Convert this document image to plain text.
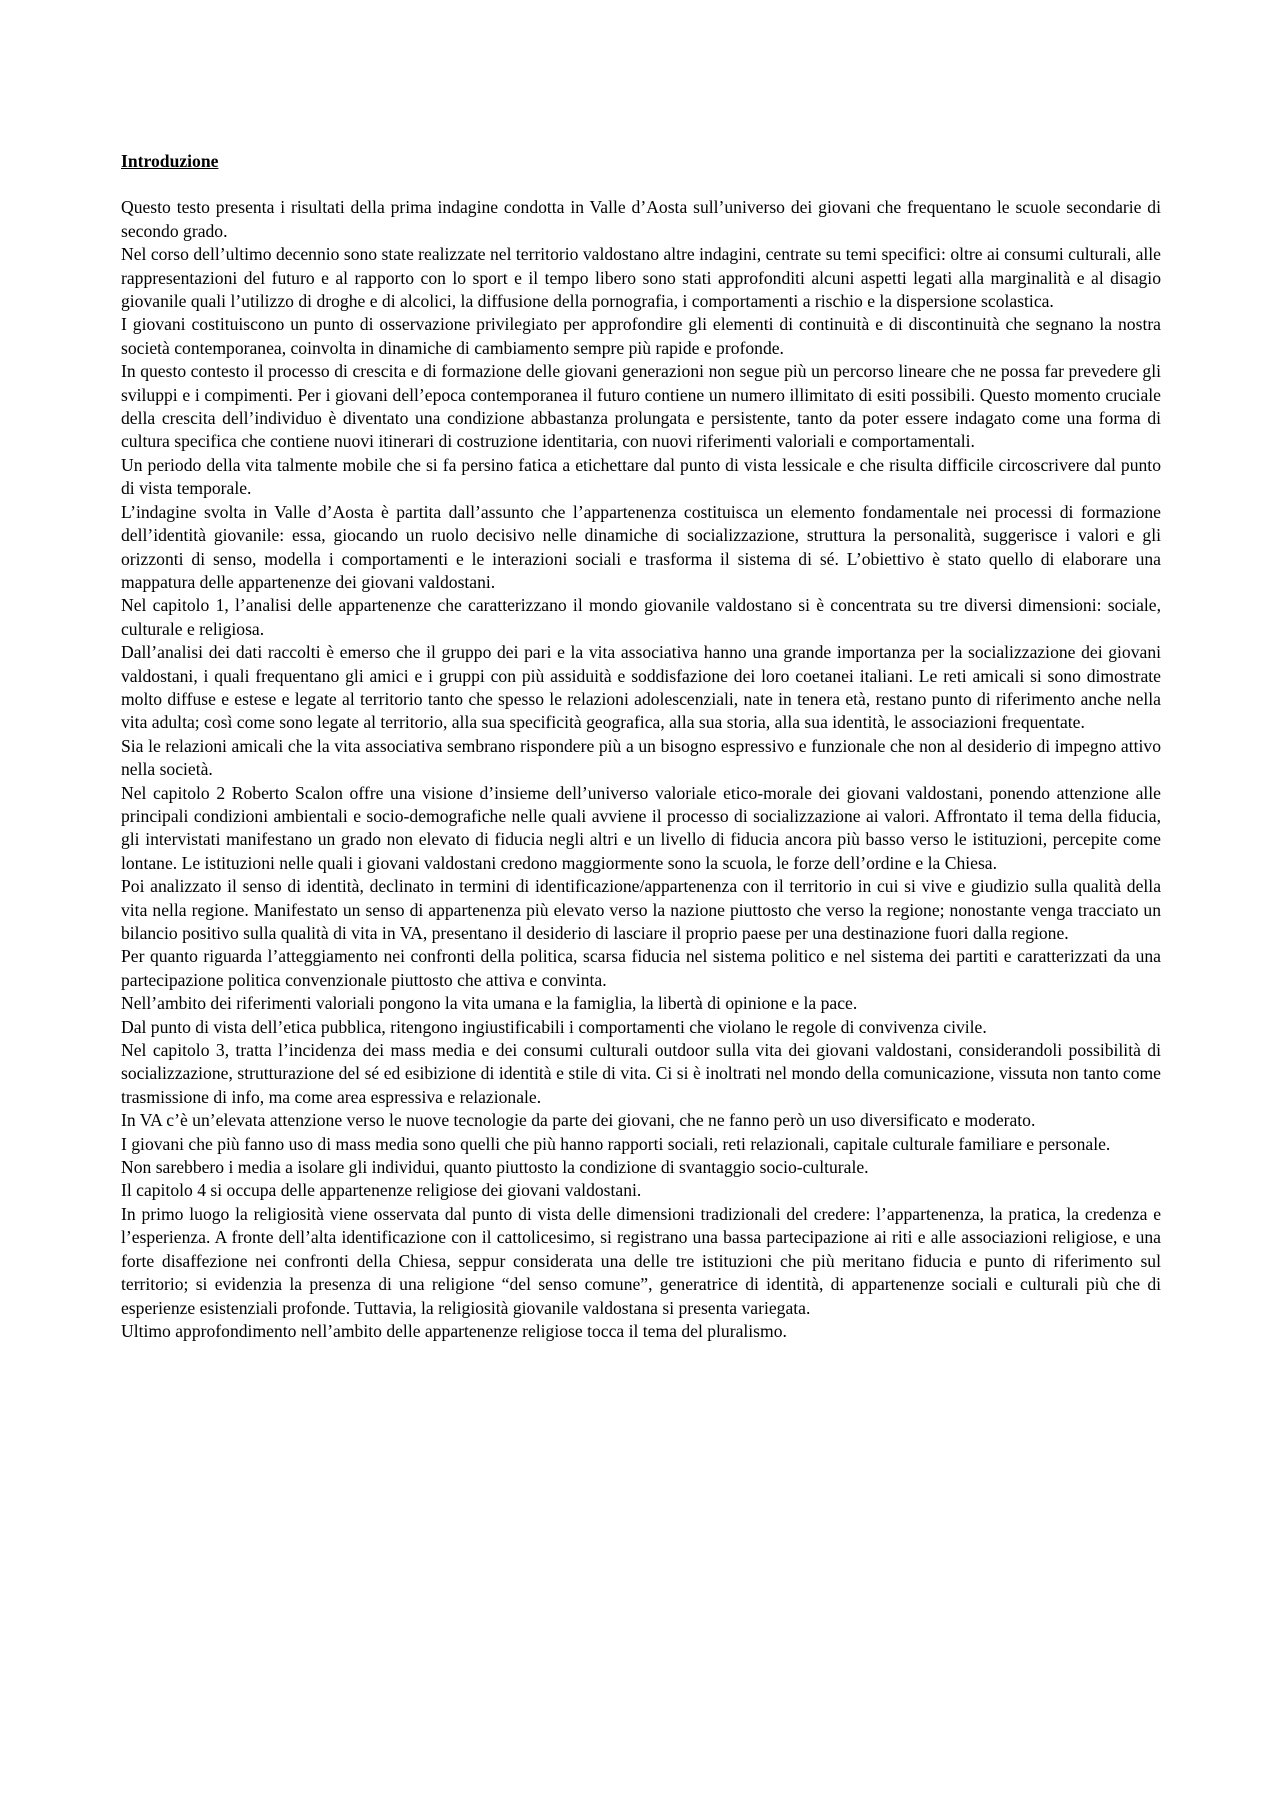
Introduzione

Questo testo presenta i risultati della prima indagine condotta in Valle d’Aosta sull’universo dei giovani che frequentano le scuole secondarie di secondo grado.

Nel corso dell’ultimo decennio sono state realizzate nel territorio valdostano altre indagini, centrate su temi specifici: oltre ai consumi culturali, alle rappresentazioni del futuro e al rapporto con lo sport e il tempo libero sono stati approfonditi alcuni aspetti legati alla marginalità e al disagio giovanile quali l’utilizzo di droghe e di alcolici, la diffusione della pornografia, i comportamenti a rischio e la dispersione scolastica.

I giovani costituiscono un punto di osservazione privilegiato per approfondire gli elementi di continuità e di discontinuità che segnano la nostra società contemporanea, coinvolta in dinamiche di cambiamento sempre più rapide e profonde.

In questo contesto il processo di crescita e di formazione delle giovani generazioni non segue più un percorso lineare che ne possa far prevedere gli sviluppi e i compimenti. Per i giovani dell’epoca contemporanea il futuro contiene un numero illimitato di esiti possibili. Questo momento cruciale della crescita dell’individuo è diventato una condizione abbastanza prolungata e persistente, tanto da poter essere indagato come una forma di cultura specifica che contiene nuovi itinerari di costruzione identitaria, con nuovi riferimenti valoriali e comportamentali.

Un periodo della vita talmente mobile che si fa persino fatica a etichettare dal punto di vista lessicale e che risulta difficile circoscrivere dal punto di vista temporale.

L’indagine svolta in Valle d’Aosta è partita dall’assunto che l’appartenenza costituisca un elemento fondamentale nei processi di formazione dell’identità giovanile: essa, giocando un ruolo decisivo nelle dinamiche di socializzazione, struttura la personalità, suggerisce i valori e gli orizzonti di senso, modella i comportamenti e le interazioni sociali e trasforma il sistema di sé. L’obiettivo è stato quello di elaborare una mappatura delle appartenenze dei giovani valdostani.

Nel capitolo 1, l’analisi delle appartenenze che caratterizzano il mondo giovanile valdostano si è concentrata su tre diversi dimensioni: sociale, culturale e religiosa.

Dall’analisi dei dati raccolti è emerso che il gruppo dei pari e la vita associativa hanno una grande importanza per la socializzazione dei giovani valdostani, i quali frequentano gli amici e i gruppi con più assiduità e soddisfazione dei loro coetanei italiani. Le reti amicali si sono dimostrate molto diffuse e estese e legate al territorio tanto che spesso le relazioni adolescenziali, nate in tenera età, restano punto di riferimento anche nella vita adulta; così come sono legate al territorio, alla sua specificità geografica, alla sua storia, alla sua identità, le associazioni frequentate.

Sia le relazioni amicali che la vita associativa sembrano rispondere più a un bisogno espressivo e funzionale che non al desiderio di impegno attivo nella società.

Nel capitolo 2 Roberto Scalon offre una visione d’insieme dell’universo valoriale etico-morale dei giovani valdostani, ponendo attenzione alle principali condizioni ambientali e socio-demografiche nelle quali avviene il processo di socializzazione ai valori. Affrontato il tema della fiducia, gli intervistati manifestano un grado non elevato di fiducia negli altri e un livello di fiducia ancora più basso verso le istituzioni, percepite come lontane. Le istituzioni nelle quali i giovani valdostani credono maggiormente sono la scuola, le forze dell’ordine e la Chiesa.

Poi analizzato il senso di identità, declinato in termini di identificazione/appartenenza con il territorio in cui si vive e giudizio sulla qualità della vita nella regione. Manifestato un senso di appartenenza più elevato verso la nazione piuttosto che verso la regione; nonostante venga tracciato un bilancio positivo sulla qualità di vita in VA, presentano il desiderio di lasciare il proprio paese per una destinazione fuori dalla regione.

Per quanto riguarda l’atteggiamento nei confronti della politica, scarsa fiducia nel sistema politico e nel sistema dei partiti e caratterizzati da una partecipazione politica convenzionale piuttosto che attiva e convinta.

Nell’ambito dei riferimenti valoriali pongono la vita umana e la famiglia, la libertà di opinione e la pace.

Dal punto di vista dell’etica pubblica, ritengono ingiustificabili i comportamenti che violano le regole di convivenza civile.

Nel capitolo 3, tratta l’incidenza dei mass media e dei consumi culturali outdoor sulla vita dei giovani valdostani, considerandoli possibilità di socializzazione, strutturazione del sé ed esibizione di identità e stile di vita. Ci si è inoltrati nel mondo della comunicazione, vissuta non tanto come trasmissione di info, ma come area espressiva e relazionale.

In VA c’è un’elevata attenzione verso le nuove tecnologie da parte dei giovani, che ne fanno però un uso diversificato e moderato.

I giovani che più fanno uso di mass media sono quelli che più hanno rapporti sociali, reti relazionali, capitale culturale familiare e personale.

Non sarebbero i media a isolare gli individui, quanto piuttosto la condizione di svantaggio socio-culturale.

Il capitolo 4 si occupa delle appartenenze religiose dei giovani valdostani.

In primo luogo la religiosità viene osservata dal punto di vista delle dimensioni tradizionali del credere: l’appartenenza, la pratica, la credenza e l’esperienza. A fronte dell’alta identificazione con il cattolicesimo, si registrano una bassa partecipazione ai riti e alle associazioni religiose, e una forte disaffezione nei confronti della Chiesa, seppur considerata una delle tre istituzioni che più meritano fiducia e punto di riferimento sul territorio; si evidenzia la presenza di una religione “del senso comune”, generatrice di identità, di appartenenze sociali e culturali più che di esperienze esistenziali profonde. Tuttavia, la religiosità giovanile valdostana si presenta variegata.

Ultimo approfondimento nell’ambito delle appartenenze religiose tocca il tema del pluralismo.
